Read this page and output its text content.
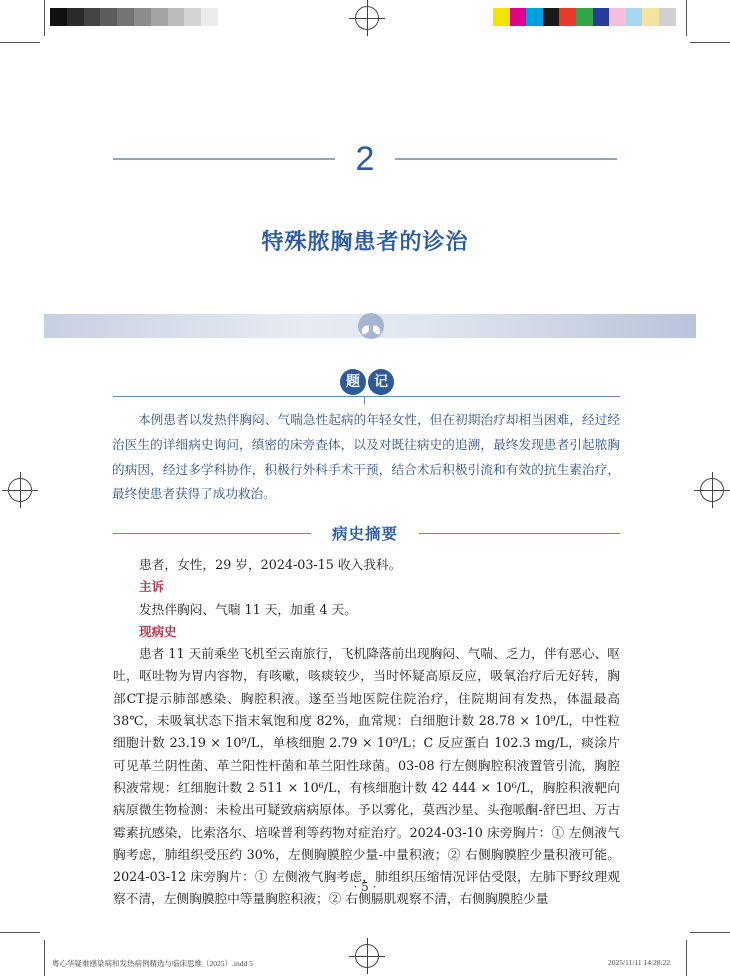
2
特殊脓胸患者的诊治
题	记
本例患者以发热伴胸闷、气喘急性起病的年轻女性，但在初期治疗却相当困难，经过经治医生的详细病史询问，缜密的床旁查体，以及对既往病史的追溯，最终发现患者引起脓胸的病因，经过多学科协作，积极行外科手术干预，结合术后积极引流和有效的抗生素治疗，最终使患者获得了成功救治。
病史摘要
患者，女性，29 岁，2024-03-15 收入我科。
主诉
发热伴胸闷、气喘 11 天，加重 4 天。
现病史
患者 11 天前乘坐飞机至云南旅行，飞机降落前出现胸闷、气喘、乏力，伴有恶心、呕吐，呕吐物为胃内容物，有咳嗽，咳痰较少，当时怀疑高原反应，吸氧治疗后无好转，胸部CT提示肺部感染、胸腔积液。遂至当地医院住院治疗，住院期间有发热，体温最高 38℃，未吸氧状态下指末氧饱和度 82%，血常规：白细胞计数 28.78 × 10⁹/L，中性粒细胞计数 23.19 × 10⁹/L，单核细胞 2.79 × 10⁹/L；C 反应蛋白 102.3 mg/L，痰涂片可见革兰阴性菌、革兰阳性杆菌和革兰阳性球菌。03-08 行左侧胸腔积液置管引流，胸腔积液常规：红细胞计数 2 511 × 10⁶/L，有核细胞计数 42 444 × 10⁶/L，胸腔积液靶向病原微生物检测：未检出可疑致病病原体。予以雾化，莫西沙星、头孢哌酮-舒巴坦、万古霉素抗感染，比索洛尔、培哚普利等药物对症治疗。2024-03-10 床旁胸片：① 左侧液气胸考虑，肺组织受压约 30%，左侧胸膜腔少量-中量积液；② 右侧胸膜腔少量积液可能。2024-03-12 床旁胸片：① 左侧液气胸考虑，肺组织压缩情况评估受限，左肺下野纹理观察不清，左侧胸膜腔中等量胸腔积液；② 右侧膈肌观察不清，右侧胸膜腔少量
· 5 ·
粤心华疑难感染病和发热病例精选与临床思维（2025）.indd 5	2025/11/11 14:28:22
